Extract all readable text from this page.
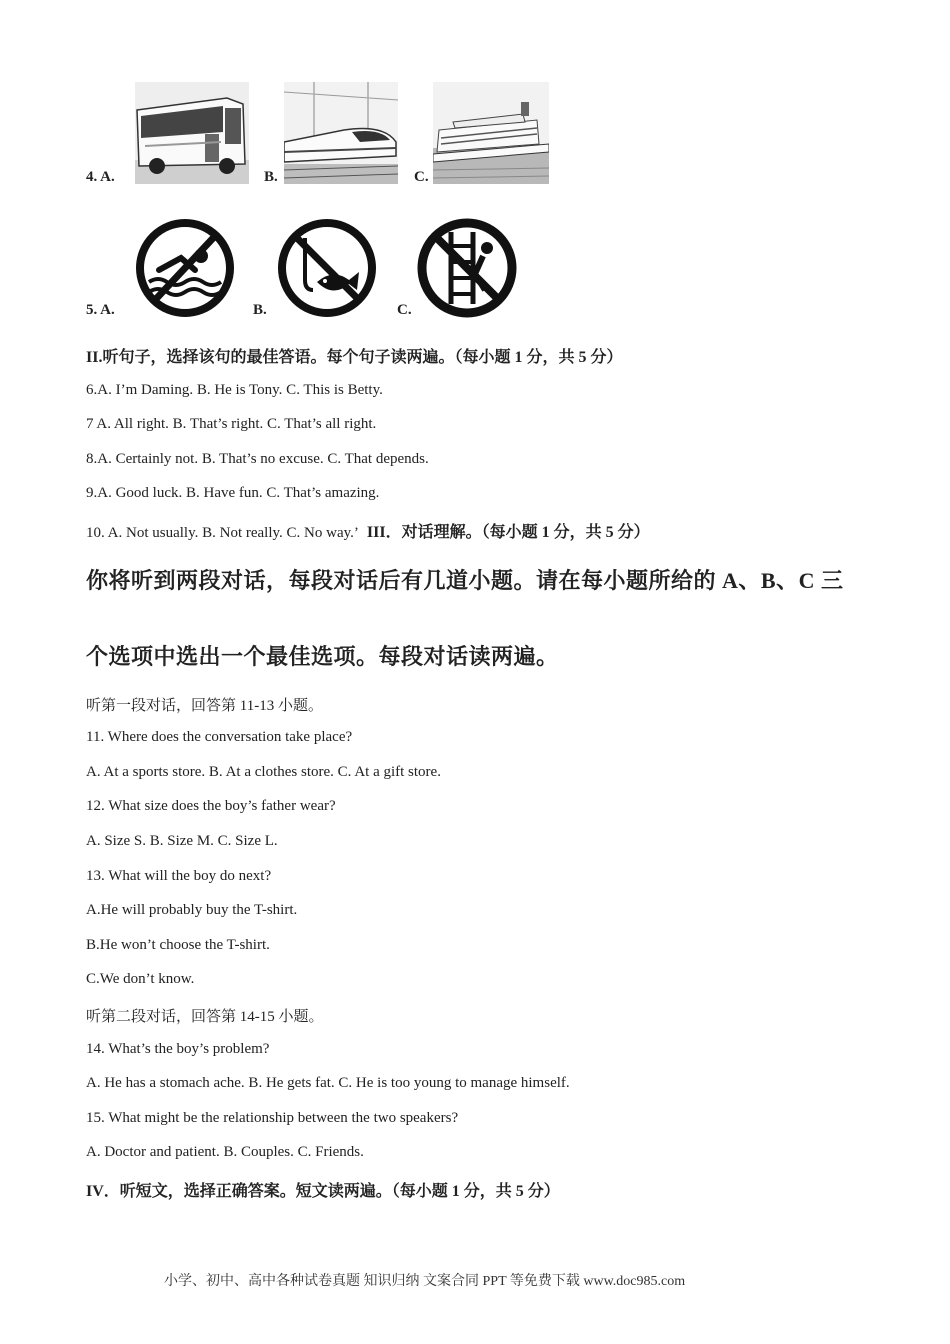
4. A.	B.	C.
5. A.	B.	C.
II.听句子，选择该句的最佳答语。每个句子读两遍。（每小题 1 分，共 5 分）
6.A. I’m Daming. B. He is Tony. C. This is Betty.
7 A. All right. B. That’s right. C. That’s all right.
8.A. Certainly not. B. That’s no excuse. C. That depends.
9.A. Good luck. B. Have fun. C. That’s amazing.
10. A. Not usually. B. Not really. C. No way.’ III．对话理解。（每小题 1 分，共 5 分）
你将听到两段对话，每段对话后有几道小题。请在每小题所给的 A、B、C 三
个选项中选出一个最佳选项。每段对话读两遍。
听第一段对话，回答第 11-13 小题。
11. Where does the conversation take place?
A. At a sports store. B. At a clothes store. C. At a gift store.
12. What size does the boy’s father wear?
A. Size S. B. Size M. C. Size L.
13. What will the boy do next?
A.He will probably buy the T-shirt.
B.He won’t choose the T-shirt.
C.We don’t know.
听第二段对话，回答第 14-15 小题。
14. What’s the boy’s problem?
A. He has a stomach ache. B. He gets fat. C. He is too young to manage himself.
15. What might be the relationship between the two speakers?
A. Doctor and patient. B. Couples. C. Friends.
IV．听短文，选择正确答案。短文读两遍。（每小题 1 分，共 5 分）
小学、初中、高中各种试卷真题 知识归纳 文案合同 PPT 等免费下载 www.doc985.com
